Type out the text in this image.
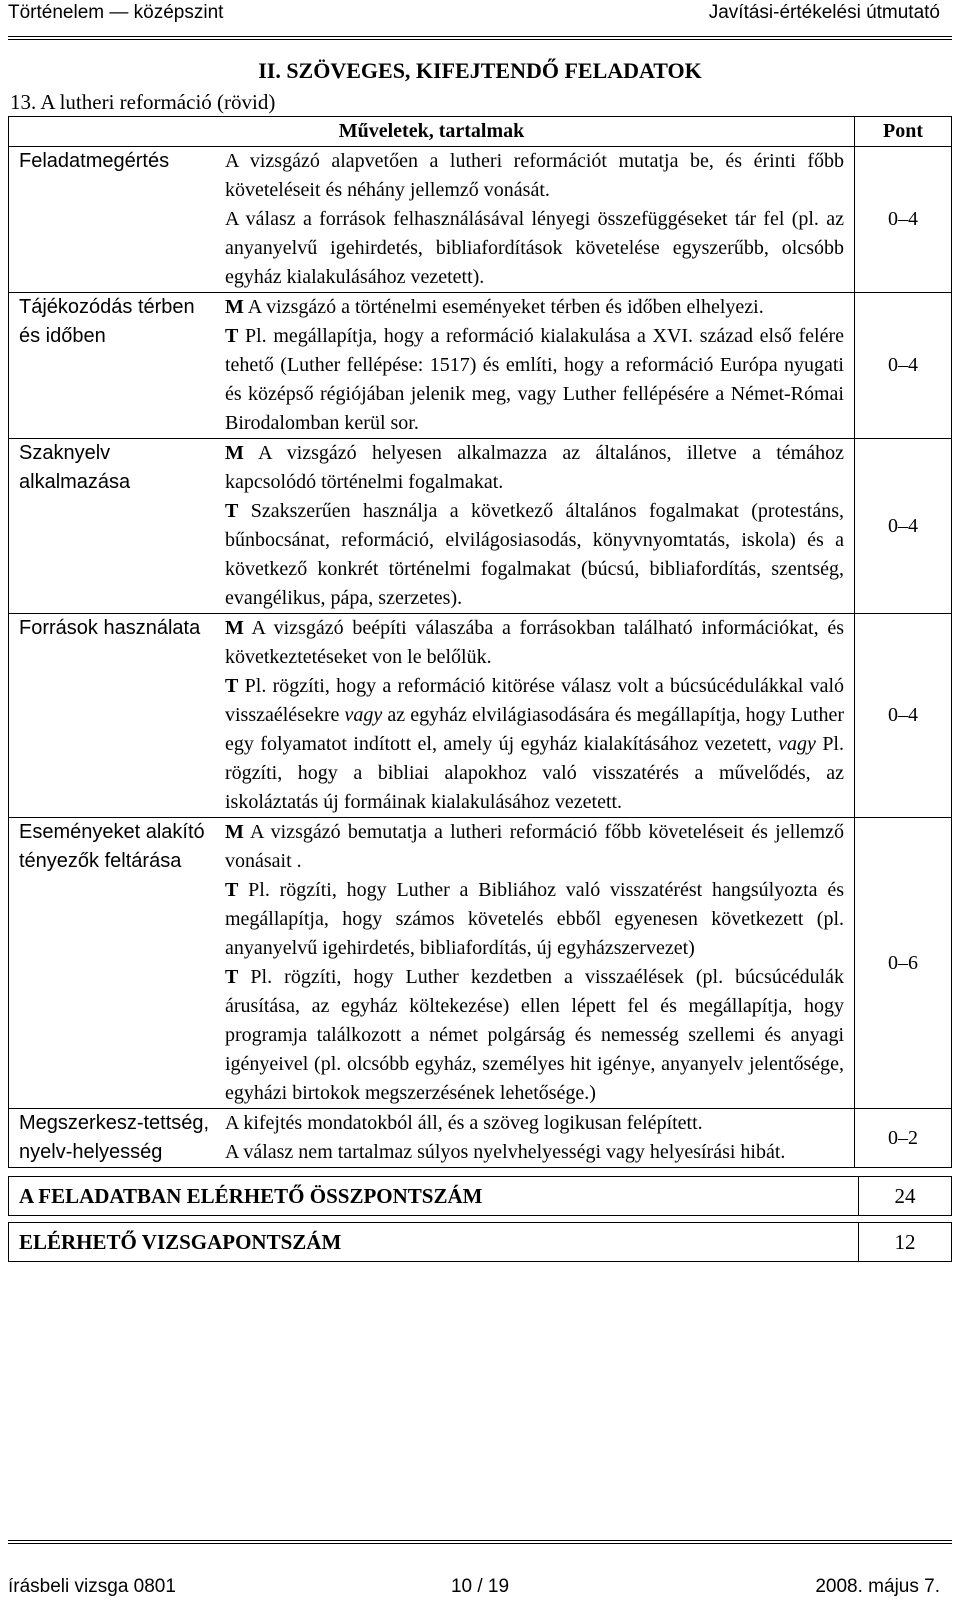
Történelem — középszint	Javítási-értékelési útmutató
II. SZÖVEGES, KIFEJTENDŐ FELADATOK
13. A lutheri reformáció (rövid)
Műveletek, tartalmak		Pont
Feladatmegértés	A vizsgázó alapvetően a lutheri reformációt mutatja be, és érinti főbb követeléseit és néhány jellemző vonását.
A válasz a források felhasználásával lényegi összefüggéseket tár fel (pl. az anyanyelvű igehirdetés, bibliafordítások követelése egyszerűbb, olcsóbb egyház kialakulásához vezetett).	0–4
Tájékozódás térben és időben	M A vizsgázó a történelmi eseményeket térben és időben elhelyezi.
T Pl. megállapítja, hogy a reformáció kialakulása a XVI. század első felére tehető (Luther fellépése: 1517) és említi, hogy a reformáció Európa nyugati és középső régiójában jelenik meg, vagy Luther fellépésére a Német-Római Birodalomban kerül sor.	0–4
Szaknyelv alkalmazása	M A vizsgázó helyesen alkalmazza az általános, illetve a témához kapcsolódó történelmi fogalmakat.
T Szakszerűen használja a következő általános fogalmakat (protestáns, bűnbocsánat, reformáció, elvilágosiasodás, könyvnyomtatás, iskola) és a következő konkrét történelmi fogalmakat (búcsú, bibliafordítás, szentség, evangélikus, pápa, szerzetes).	0–4
Források használata	M A vizsgázó beépíti válaszába a forrásokban található információkat, és következtetéseket von le belőlük.
T Pl. rögzíti, hogy a reformáció kitörése válasz volt a búcsúcédulákkal való visszaélésekre vagy az egyház elvilágiasodására és megállapítja, hogy Luther egy folyamatot indított el, amely új egyház kialakításához vezetett, vagy Pl. rögzíti, hogy a bibliai alapokhoz való visszatérés a művelődés, az iskoláztatás új formáinak kialakulásához vezetett.	0–4
Eseményeket alakító tényezők feltárása	M A vizsgázó bemutatja a lutheri reformáció főbb követeléseit és jellemző vonásait .
T Pl. rögzíti, hogy Luther a Bibliához való visszatérést hangsúlyozta és megállapítja, hogy számos követelés ebből egyenesen következett (pl. anyanyelvű igehirdetés, bibliafordítás, új egyházszervezet)
T Pl. rögzíti, hogy Luther kezdetben a visszaélések (pl. búcsúcédulák árusítása, az egyház költekezése) ellen lépett fel és megállapítja, hogy programja találkozott a német polgárság és nemesség szellemi és anyagi igényeivel (pl. olcsóbb egyház, személyes hit igénye, anyanyelv jelentősége, egyházi birtokok megszerzésének lehetősége.)	0–6
Megszerkesz-tettség, nyelv-helyesség	A kifejtés mondatokból áll, és a szöveg logikusan felépített.
A válasz nem tartalmaz súlyos nyelvhelyességi vagy helyesírási hibát.	0–2
A FELADATBAN ELÉRHETŐ ÖSSZPONTSZÁM	24
ELÉRHETŐ VIZSGAPONTSZÁM	12
írásbeli vizsga 0801	10 / 19	2008. május 7.
